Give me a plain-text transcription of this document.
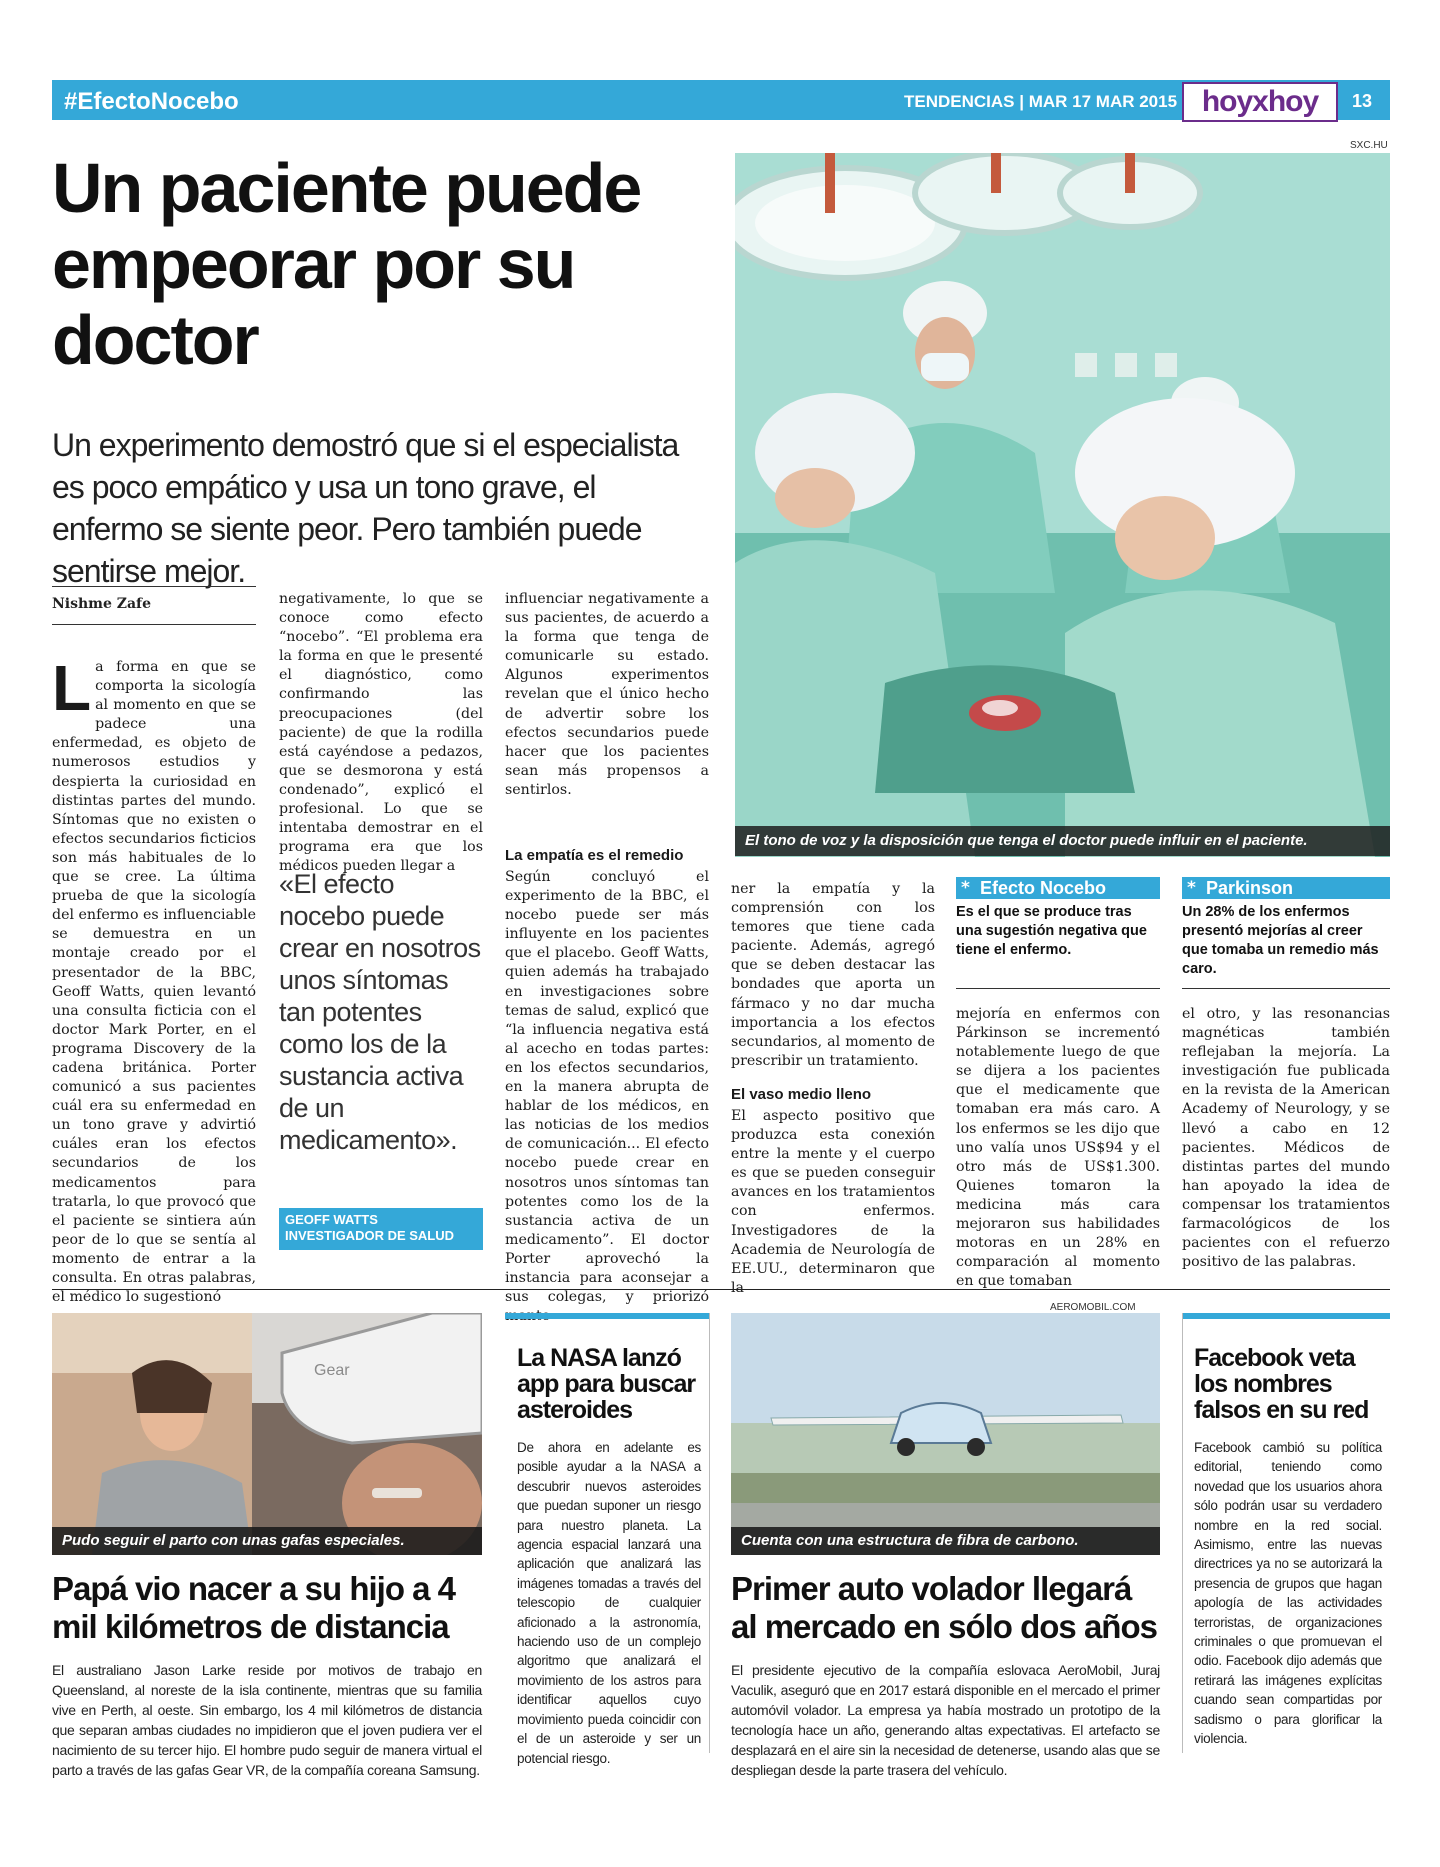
#EfectoNocebo	TENDENCIAS | MAR 17 MAR 2015 hoyxhoy 13
Un paciente puede empeorar por su doctor

Un experimento demostró que si el especialista es poco empático y usa un tono grave, el enfermo se siente peor. Pero también puede sentirse mejor.

SXC.HU
El tono de voz y la disposición que tenga el doctor puede influir en el paciente.
Nishme Zafe
La forma en que se comporta la sicología al momento en que se padece una enfermedad, es objeto de numerosos estudios y despierta la curiosidad en distintas partes del mundo. Síntomas que no existen o efectos secundarios ficticios son más habituales de lo que se cree. La última prueba de que la sicología del enfermo es influenciable se demuestra en un montaje creado por el presentador de la BBC, Geoff Watts, quien levantó una consulta ficticia con el doctor Mark Porter, en el programa Discovery de la cadena británica. Porter comunicó a sus pacientes cuál era su enfermedad en un tono grave y advirtió cuáles eran los efectos secundarios de los medicamentos para tratarla, lo que provocó que el paciente se sintiera aún peor de lo que se sentía al momento de entrar a la consulta. En otras palabras, el médico lo sugestionó
negativamente, lo que se conoce como efecto “nocebo”. “El problema era la forma en que le presenté el diagnóstico, como confirmando las preocupaciones (del paciente) de que la rodilla está cayéndose a pedazos, que se desmorona y está condenado”, explicó el profesional. Lo que se intentaba demostrar en el programa era que los médicos pueden llegar a
influenciar negativamente a sus pacientes, de acuerdo a la forma que tenga de comunicarle su estado. Algunos experimentos revelan que el único hecho de advertir sobre los efectos secundarios puede hacer que los pacientes sean más propensos a sentirlos.
La empatía es el remedio
Según concluyó el experimento de la BBC, el nocebo puede ser más influyente en los pacientes que el placebo. Geoff Watts, quien además ha trabajado en investigaciones sobre temas de salud, explicó que “la influencia negativa está al acecho en todas partes: en los efectos secundarios, en la manera abrupta de hablar de los médicos, en las noticias de los medios de comunicación... El efecto nocebo puede crear en nosotros unos síntomas tan potentes como los de la sustancia activa de un medicamento”. El doctor Porter aprovechó la instancia para aconsejar a sus colegas, y priorizó
ner la empatía y la comprensión con los temores que tiene cada paciente. Además, agregó que se deben destacar las bondades que aporta un fármaco y no dar mucha importancia a los efectos secundarios, al momento de prescribir un tratamiento.
El vaso medio lleno
El aspecto positivo que produzca esta conexión entre la mente y el cuerpo es que se pueden conseguir avances en los tratamientos con enfermos. Investigadores de la Academia de Neurología de EE.UU., determinaron que la
mejoría en enfermos con Párkinson se incrementó notablemente luego de que se dijera a los pacientes que el medicamente que tomaban era más caro. A los enfermos se les dijo que uno valía unos US$94 y el otro más de US$1.300. Quienes tomaron la medicina más cara mejoraron sus habilidades motoras en un 28% en comparación al momento en que tomaban
el otro, y las resonancias magnéticas también reflejaban la mejoría. La investigación fue publicada en la revista de la American Academy of Neurology, y se llevó a cabo en 12 pacientes. Médicos de distintas partes del mundo han apoyado la idea de compensar los tratamientos farmacológicos de los pacientes con el refuerzo positivo de las palabras.
«El efecto nocebo puede crear en nosotros unos síntomas tan potentes como los de la sustancia activa de un medicamento».
GEOFF WATTS
INVESTIGADOR DE SALUD
* Efecto Nocebo
Es el que se produce tras una sugestión negativa que tiene el enfermo.
* Parkinson
Un 28% de los enfermos presentó mejorías al creer que tomaba un remedio más caro.
Gear
Pudo seguir el parto con unas gafas especiales.
Papá vio nacer a su hijo a 4 mil kilómetros de distancia
El australiano Jason Larke reside por motivos de trabajo en Queensland, al noreste de la isla continente, mientras que su familia vive en Perth, al oeste. Sin embargo, los 4 mil kilómetros de distancia que separan ambas ciudades no impidieron que el joven pudiera ver el nacimiento de su tercer hijo. El hombre pudo seguir de manera virtual el parto a través de las gafas Gear VR, de la compañía coreana Samsung.
La NASA lanzó app para buscar asteroides
De ahora en adelante es posible ayudar a la NASA a descubrir nuevos asteroides que puedan suponer un riesgo para nuestro planeta. La agencia espacial lanzará una aplicación que analizará las imágenes tomadas a través del telescopio de cualquier aficionado a la astronomía, haciendo uso de un complejo algoritmo que analizará el movimiento de los astros para identificar aquellos cuyo movimiento pueda coincidir con el de un asteroide y ser un potencial riesgo.
AEROMOBIL.COM
Cuenta con una estructura de fibra de carbono.
Primer auto volador llegará al mercado en sólo dos años
El presidente ejecutivo de la compañía eslovaca AeroMobil, Juraj Vaculik, aseguró que en 2017 estará disponible en el mercado el primer automóvil volador. La empresa ya había mostrado un prototipo de la tecnología hace un año, generando altas expectativas. El artefacto se desplazará en el aire sin la necesidad de detenerse, usando alas que se despliegan desde la parte trasera del vehículo.
Facebook veta los nombres falsos en su red
Facebook cambió su política editorial, teniendo como novedad que los usuarios ahora sólo podrán usar su verdadero nombre en la red social. Asimismo, entre las nuevas directrices ya no se autorizará la presencia de grupos que hagan apología de las actividades terroristas, de organizaciones criminales o que promuevan el odio. Facebook dijo además que retirará las imágenes explícitas cuando sean compartidas por sadismo o para glorificar la violencia.
